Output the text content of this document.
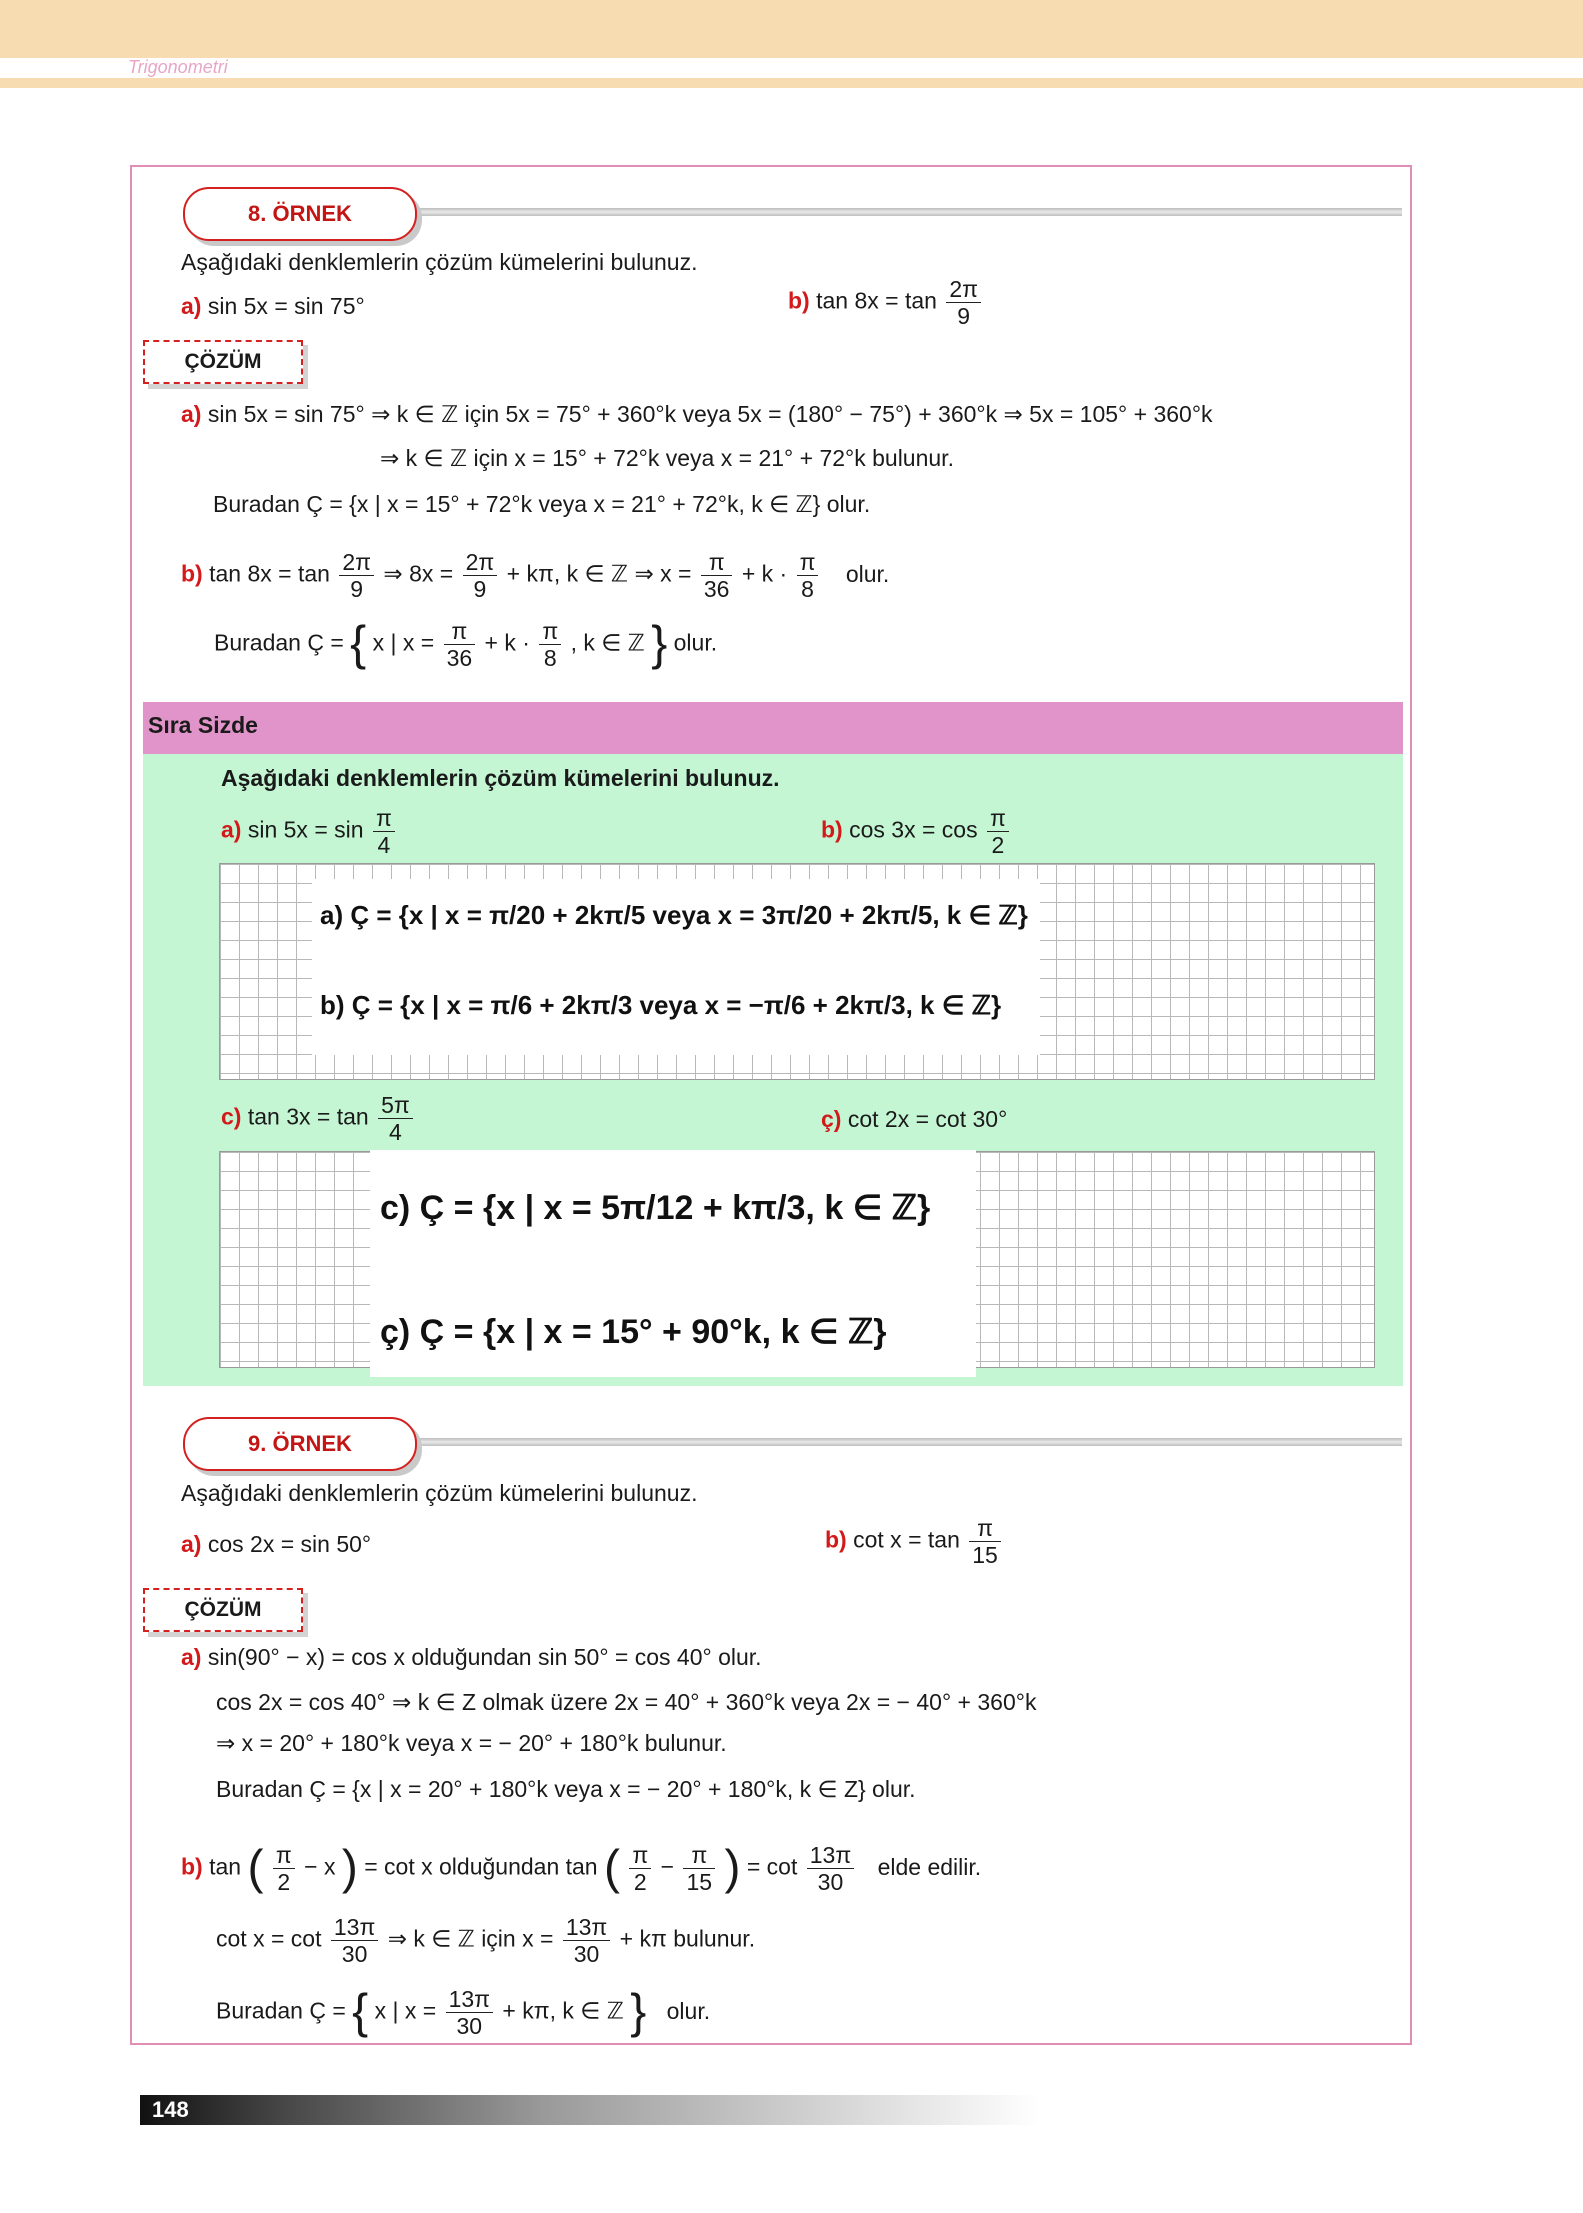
Trigonometri
8. ÖRNEK
Aşağıdaki denklemlerin çözüm kümelerini bulunuz.
a) sin 5x = sin 75°	b) $\tan 8x = \tan \frac{2\pi}{9}$
ÇÖZÜM
a) sin 5x = sin 75° ⇒ k ∈ ℤ için 5x = 75° + 360°k veya 5x = (180° − 75°) + 360°k ⇒ 5x = 105° + 360°k
⇒ k ∈ ℤ için x = 15° + 72°k veya x = 21° + 72°k bulunur.
Buradan Ç = {x | x = 15° + 72°k veya x = 21° + 72°k, k ∈ ℤ} olur.
b) $\tan 8x = \tan \frac{2\pi}{9}$ ⇒ $8x = \frac{2\pi}{9} + k\pi$, k ∈ ℤ ⇒ $x = \frac{\pi}{36} + k \cdot \frac{\pi}{8}$ olur.
Buradan Ç = { x | $x = \frac{\pi}{36} + k \cdot \frac{\pi}{8}$ , k ∈ ℤ } olur.
Sıra Sizde
Aşağıdaki denklemlerin çözüm kümelerini bulunuz.
a) $\sin 5x = \sin \frac{\pi}{4}$	b) $\cos 3x = \cos \frac{\pi}{2}$
a) Ç = {x | x = π/20 + 2kπ/5 veya x = 3π/20 + 2kπ/5, k ∈ ℤ}
b) Ç = {x | x = π/6 + 2kπ/3 veya x = −π/6 + 2kπ/3, k ∈ ℤ}
c) $\tan 3x = \tan \frac{5\pi}{4}$	ç) cot 2x = cot 30°
c) Ç = {x | x = 5π/12 + kπ/3, k ∈ ℤ}
ç) Ç = {x | x = 15° + 90°k, k ∈ ℤ}
9. ÖRNEK
Aşağıdaki denklemlerin çözüm kümelerini bulunuz.
a) cos 2x = sin 50°	b) $\cot x = \tan \frac{\pi}{15}$
ÇÖZÜM
a) sin(90° − x) = cos x olduğundan sin 50° = cos 40° olur.
cos 2x = cos 40° ⇒ k ∈ Z olmak üzere 2x = 40° + 360°k veya 2x = − 40° + 360°k
⇒ x = 20° + 180°k veya x = − 20° + 180°k bulunur.
Buradan Ç = {x | x = 20° + 180°k veya x = − 20° + 180°k, k ∈ Z} olur.
b) tan ( $\frac{\pi}{2} - x$ ) = cot x olduğundan tan ( $\frac{\pi}{2} - \frac{\pi}{15}$ ) = $\cot \frac{13\pi}{30}$ elde edilir.
$\cot x = \cot \frac{13\pi}{30}$ ⇒ k ∈ ℤ için $x = \frac{13\pi}{30} + k\pi$ bulunur.
Buradan Ç = { x | $x = \frac{13\pi}{30} + k\pi$, k ∈ ℤ } olur.
148
